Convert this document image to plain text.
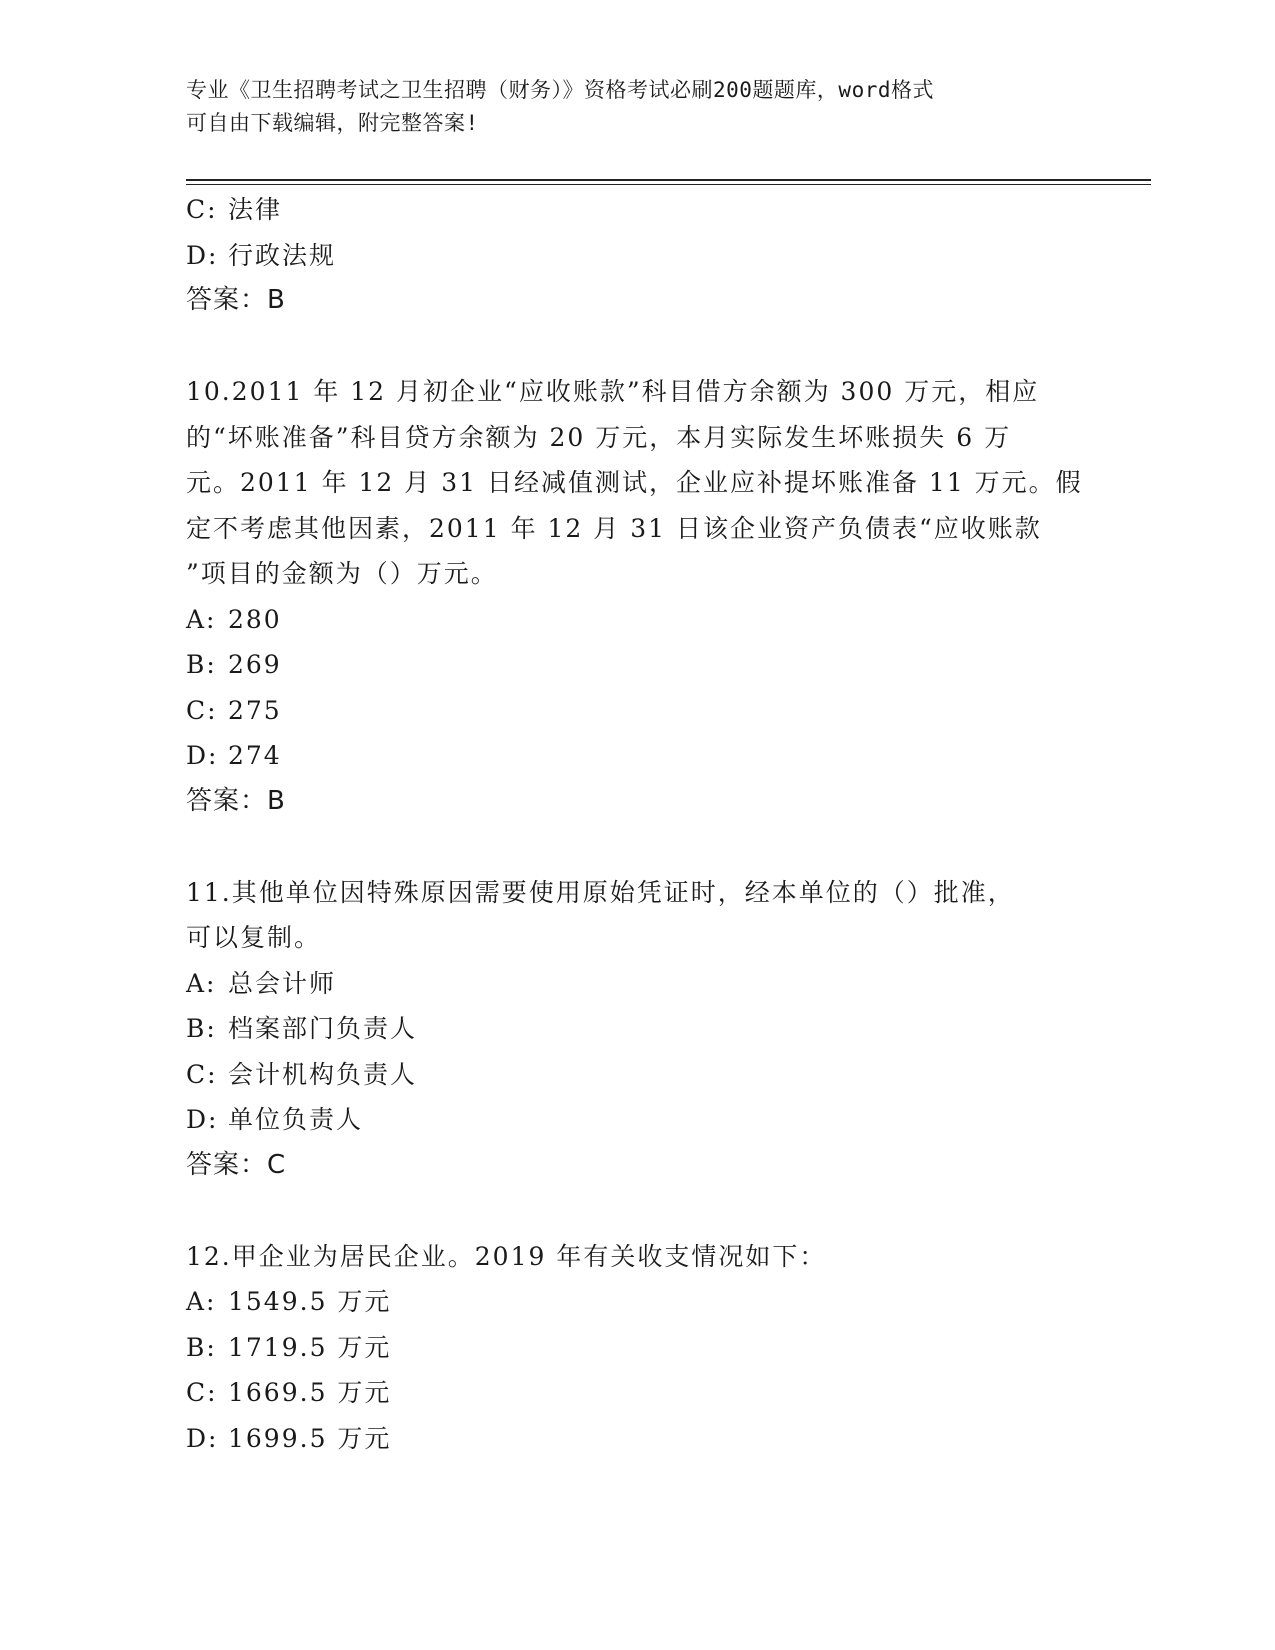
专业《卫生招聘考试之卫生招聘（财务）》资格考试必刷200题题库，word格式
可自由下载编辑，附完整答案!
C: 法律
D: 行政法规
答案：B
10.2011 年 12 月初企业“应收账款”科目借方余额为 300 万元，相应
的“坏账准备”科目贷方余额为 20 万元，本月实际发生坏账损失 6 万
元。2011 年 12 月 31 日经减值测试，企业应补提坏账准备 11 万元。假
定不考虑其他因素，2011 年 12 月 31 日该企业资产负债表“应收账款
”项目的金额为（）万元。
A: 280
B: 269
C: 275
D: 274
答案：B
11.其他单位因特殊原因需要使用原始凭证时，经本单位的（）批准，
可以复制。
A: 总会计师
B: 档案部门负责人
C: 会计机构负责人
D: 单位负责人
答案：C
12.甲企业为居民企业。2019 年有关收支情况如下：
A: 1549.5 万元
B: 1719.5 万元
C: 1669.5 万元
D: 1699.5 万元
